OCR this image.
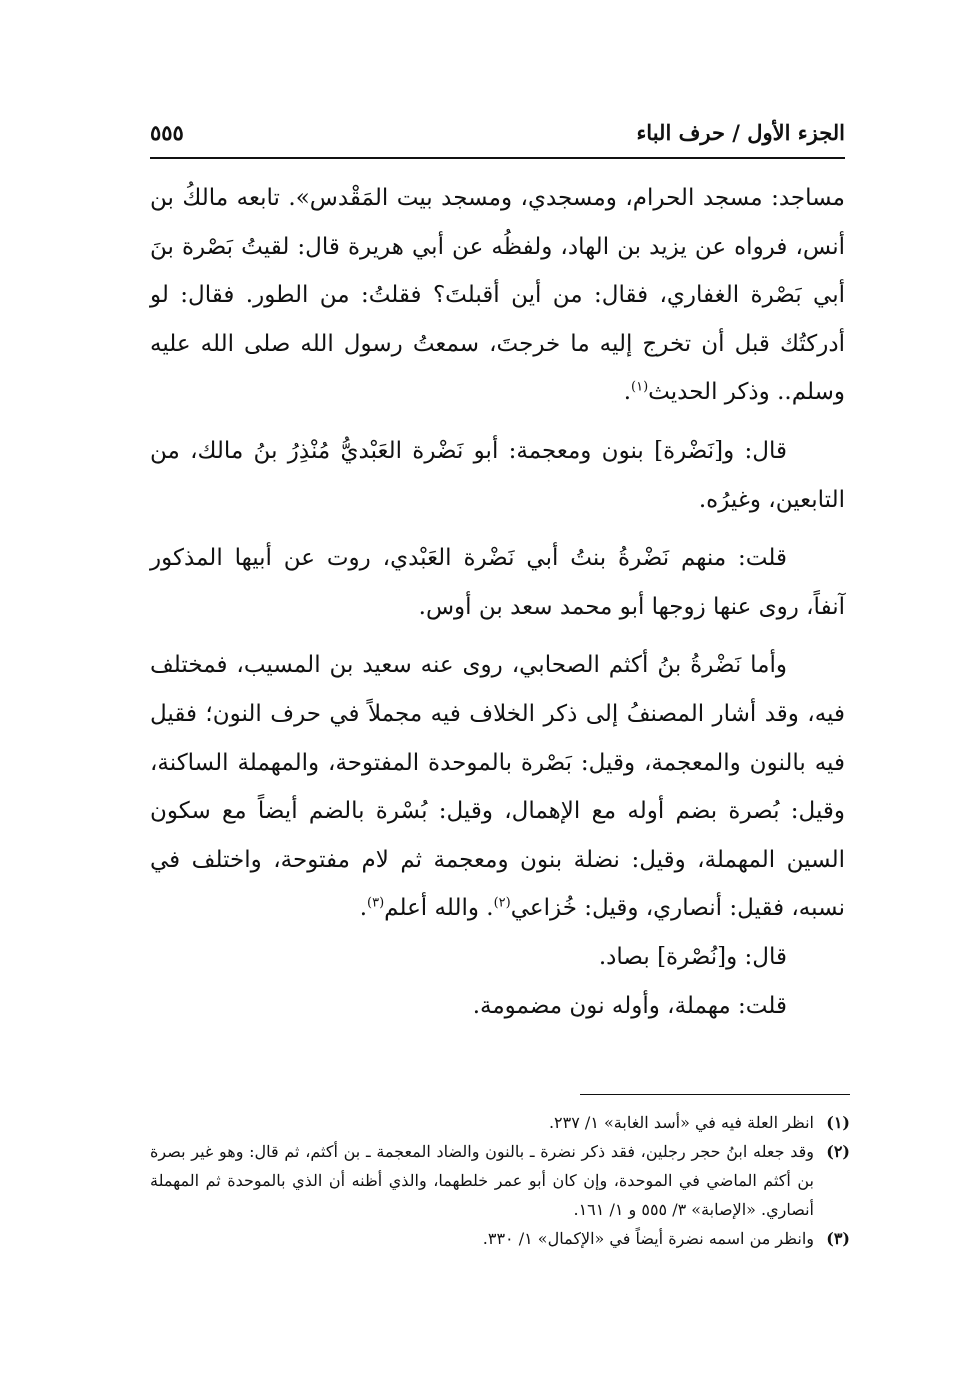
الجزء الأول / حرف الباء
٥٥٥

مساجد: مسجد الحرام، ومسجدي، ومسجد بيت المَقْدس». تابعه مالكُ بن أنس، فرواه عن يزيد بن الهاد، ولفظُه عن أبي هريرة قال: لقيتُ بَصْرة بنَ أبي بَصْرة الغفاري، فقال: من أين أقبلتَ؟ فقلتُ: من الطور. فقال: لو أدركتُك قبل أن تخرج إليه ما خرجتَ، سمعتُ رسول الله صلى الله عليه وسلم.. وذكر الحديث$^{(١)}$.

قال: و[نَضْرة] بنون ومعجمة: أبو نَضْرة العَبْديُّ مُنْذِرُ بنُ مالك، من التابعين، وغيرُه.

قلت: منهم نَضْرةُ بنتُ أبي نَضْرة العَبْدي، روت عن أبيها المذكور آنفاً، روى عنها زوجها أبو محمد سعد بن أوس.

وأما نَضْرةُ بنُ أكثم الصحابي، روى عنه سعيد بن المسيب، فمختلف فيه، وقد أشار المصنفُ إلى ذكر الخلاف فيه مجملاً في حرف النون؛ فقيل فيه بالنون والمعجمة، وقيل: بَصْرة بالموحدة المفتوحة، والمهملة الساكنة، وقيل: بُصرة بضم أوله مع الإهمال، وقيل: بُسْرة بالضم أيضاً مع سكون السين المهملة، وقيل: نضلة بنون ومعجمة ثم لام مفتوحة، واختلف في نسبه، فقيل: أنصاري، وقيل: خُزاعي$^{(٢)}$. والله أعلم$^{(٣)}$.

قال: و[نُصْرة] بصاد.

قلت: مهملة، وأوله نون مضمومة.

(١)
انظر العلة فيه في «أسد الغابة» ١/ ٢٣٧.
(٢)
وقد جعله ابنُ حجر رجلين، فقد ذكر نضرة ـ بالنون والضاد المعجمة ـ بن أكثم، ثم قال: وهو غير بصرة بن أكثم الماضي في الموحدة، وإن كان أبو عمر خلطهما، والذي أظنه أن الذي بالموحدة ثم المهملة أنصاري. «الإصابة» ٣/ ٥٥٥ و ١/ ١٦١.
(٣)
وانظر من اسمه نضرة أيضاً في «الإكمال» ١/ ٣٣٠.
